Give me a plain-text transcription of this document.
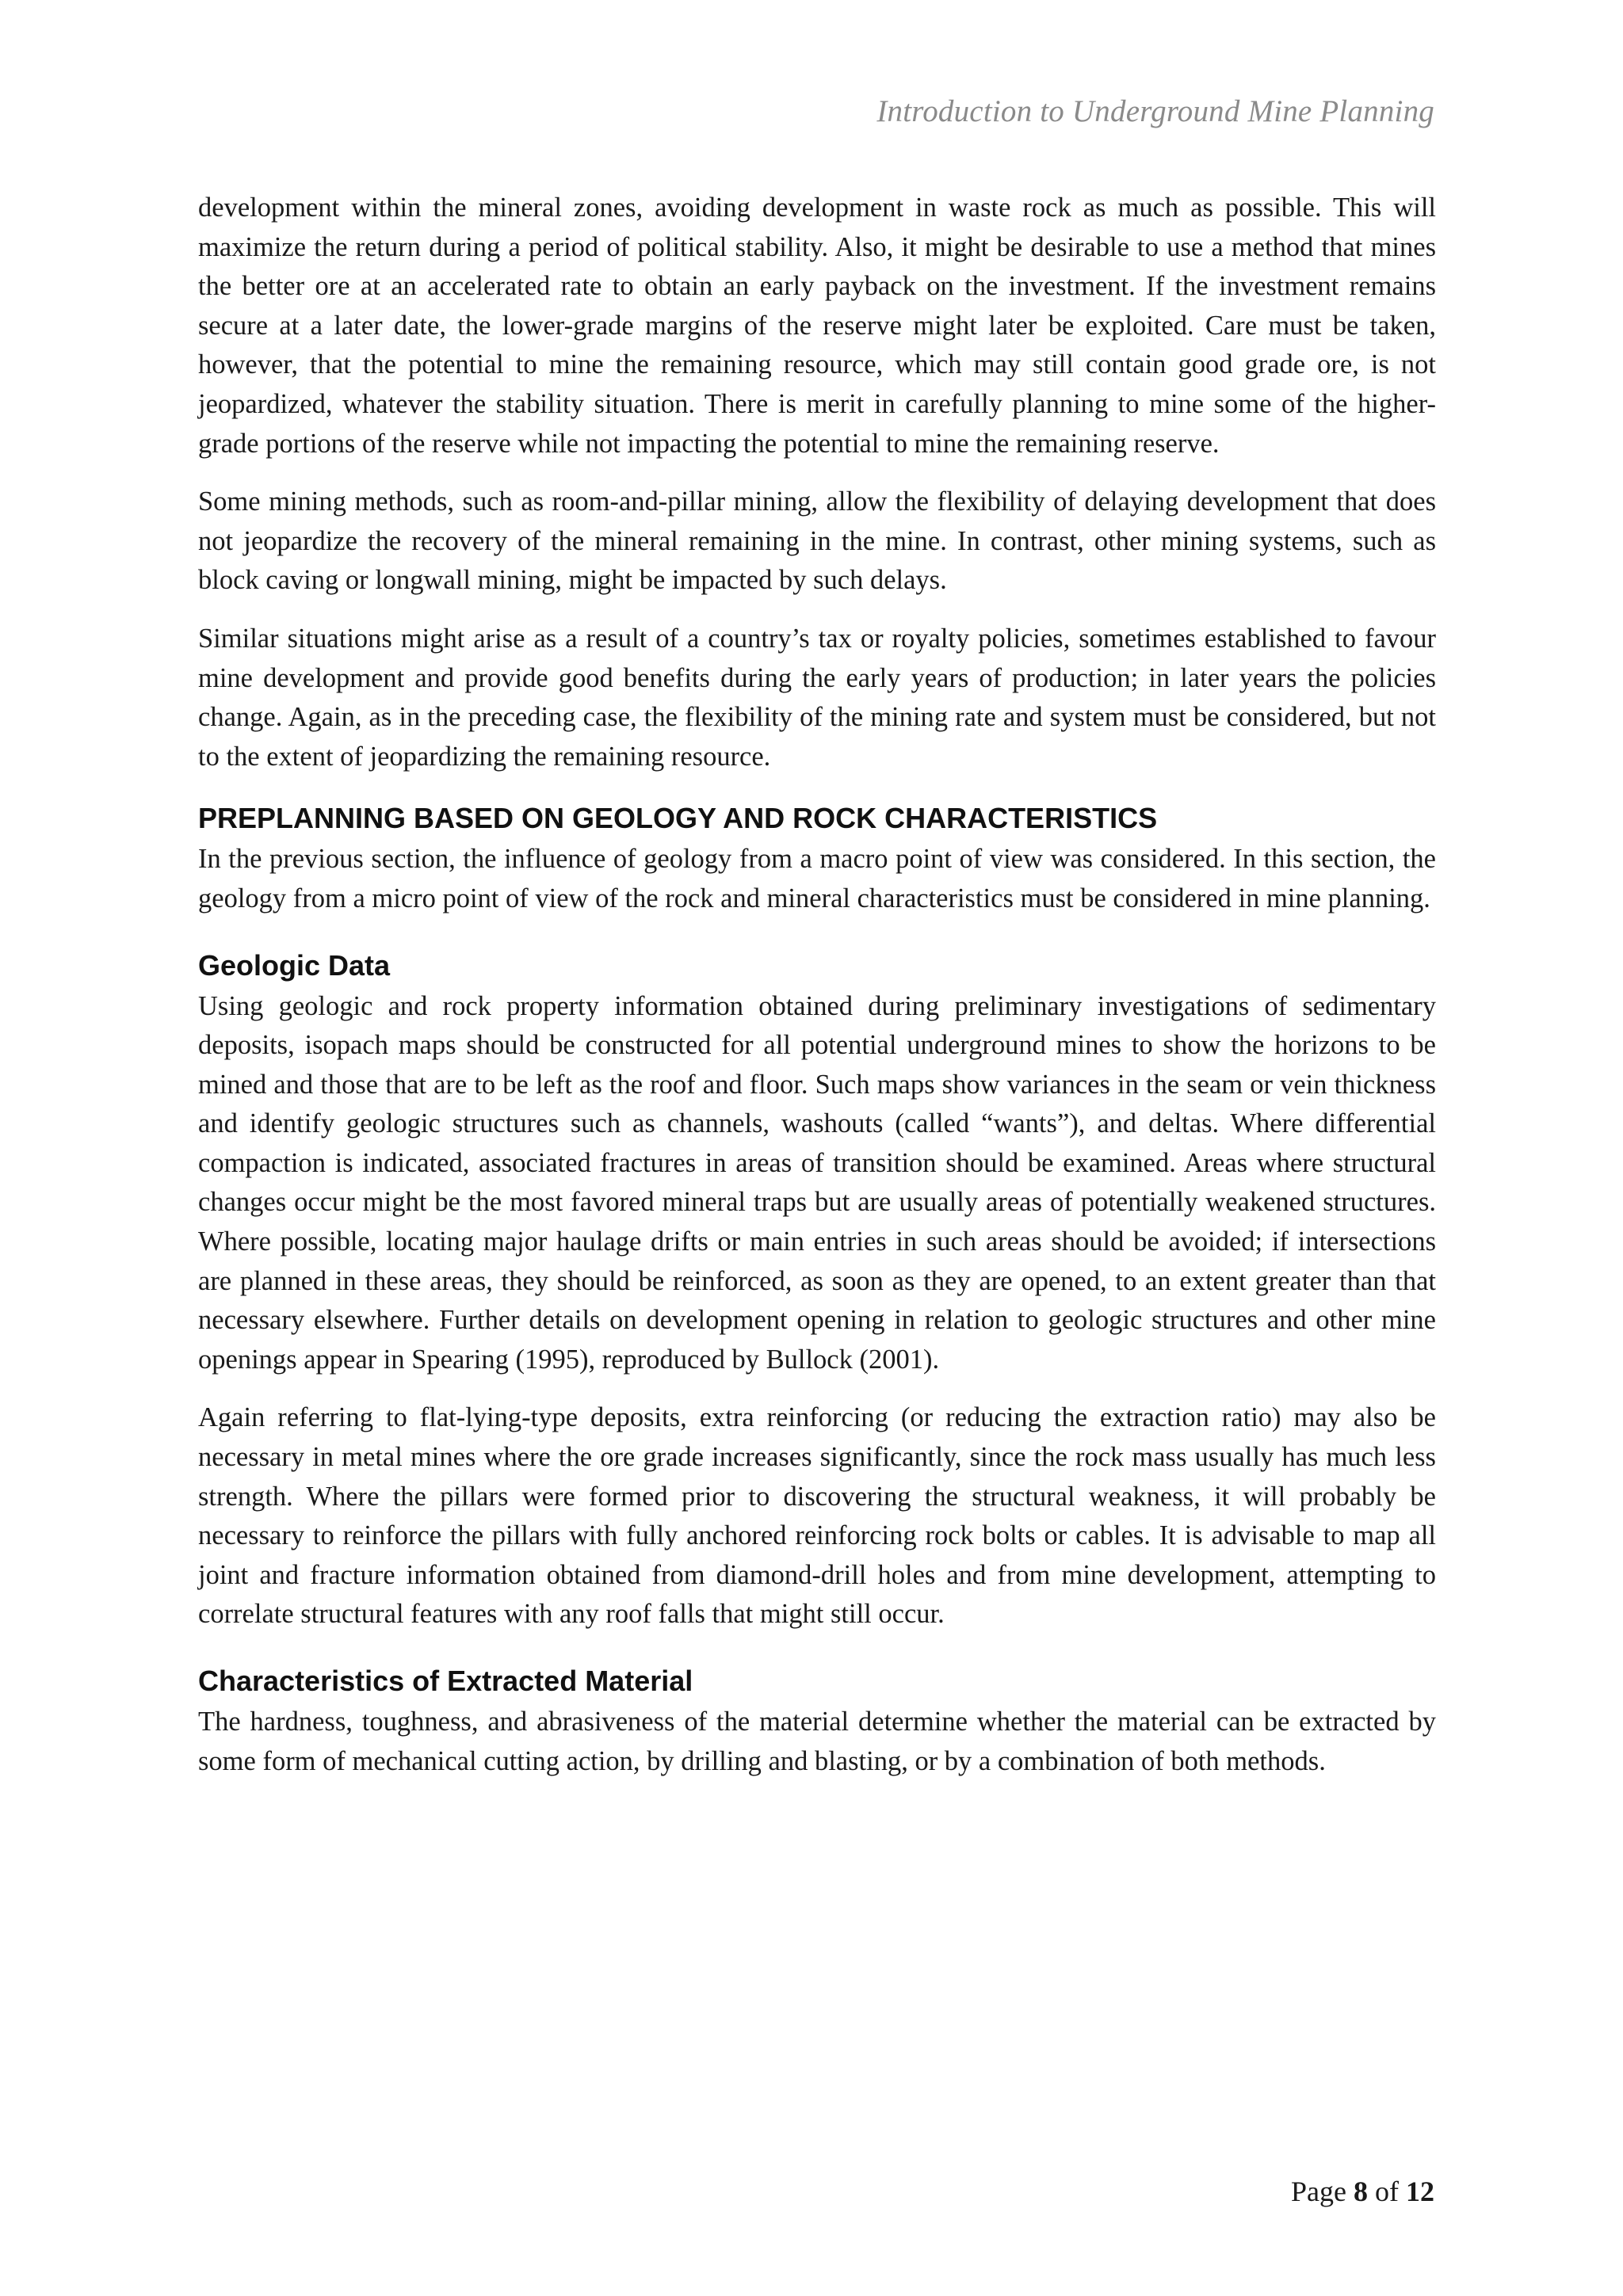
Introduction to Underground Mine Planning

development within the mineral zones, avoiding development in waste rock as much as possible. This will maximize the return during a period of political stability. Also, it might be desirable to use a method that mines the better ore at an accelerated rate to obtain an early payback on the investment. If the investment remains secure at a later date, the lower-grade margins of the reserve might later be exploited. Care must be taken, however, that the potential to mine the remaining resource, which may still contain good grade ore, is not jeopardized, whatever the stability situation. There is merit in carefully planning to mine some of the higher-grade portions of the reserve while not impacting the potential to mine the remaining reserve.

Some mining methods, such as room-and-pillar mining, allow the flexibility of delaying development that does not jeopardize the recovery of the mineral remaining in the mine. In contrast, other mining systems, such as block caving or longwall mining, might be impacted by such delays.

Similar situations might arise as a result of a country’s tax or royalty policies, sometimes established to favour mine development and provide good benefits during the early years of production; in later years the policies change. Again, as in the preceding case, the flexibility of the mining rate and system must be considered, but not to the extent of jeopardizing the remaining resource.

PREPLANNING BASED ON GEOLOGY AND ROCK CHARACTERISTICS

In the previous section, the influence of geology from a macro point of view was considered. In this section, the geology from a micro point of view of the rock and mineral characteristics must be considered in mine planning.

Geologic Data

Using geologic and rock property information obtained during preliminary investigations of sedimentary deposits, isopach maps should be constructed for all potential underground mines to show the horizons to be mined and those that are to be left as the roof and floor. Such maps show variances in the seam or vein thickness and identify geologic structures such as channels, washouts (called “wants”), and deltas. Where differential compaction is indicated, associated fractures in areas of transition should be examined. Areas where structural changes occur might be the most favored mineral traps but are usually areas of potentially weakened structures. Where possible, locating major haulage drifts or main entries in such areas should be avoided; if intersections are planned in these areas, they should be reinforced, as soon as they are opened, to an extent greater than that necessary elsewhere. Further details on development opening in relation to geologic structures and other mine openings appear in Spearing (1995), reproduced by Bullock (2001).

Again referring to flat-lying-type deposits, extra reinforcing (or reducing the extraction ratio) may also be necessary in metal mines where the ore grade increases significantly, since the rock mass usually has much less strength. Where the pillars were formed prior to discovering the structural weakness, it will probably be necessary to reinforce the pillars with fully anchored reinforcing rock bolts or cables. It is advisable to map all joint and fracture information obtained from diamond-drill holes and from mine development, attempting to correlate structural features with any roof falls that might still occur.

Characteristics of Extracted Material

The hardness, toughness, and abrasiveness of the material determine whether the material can be extracted by some form of mechanical cutting action, by drilling and blasting, or by a combination of both methods.

Page 8 of 12
